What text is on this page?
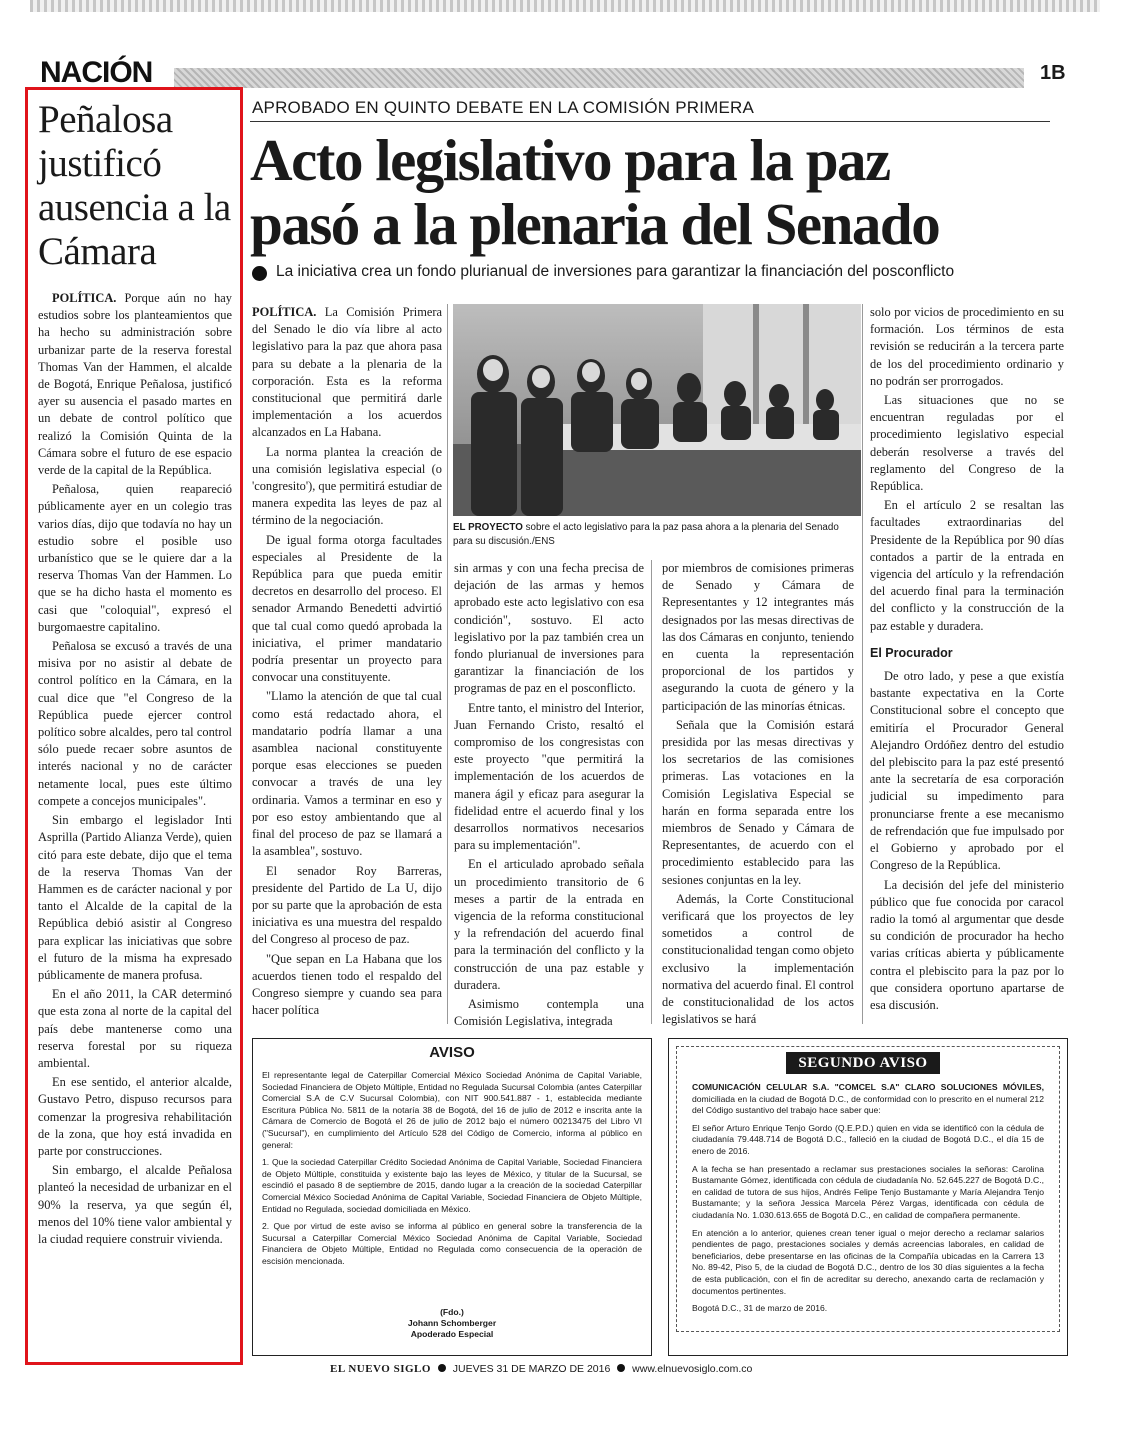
NACIÓN	1B
Peñalosa justificó ausencia a la Cámara

POLÍTICA. Porque aún no hay estudios sobre los planteamientos que ha hecho su administración sobre urbanizar parte de la reserva forestal Thomas Van der Hammen, el alcalde de Bogotá, Enrique Peñalosa, justificó ayer su ausencia el pasado martes en un debate de control político que realizó la Comisión Quinta de la Cámara sobre el futuro de ese espacio verde de la capital de la República.

Peñalosa, quien reapareció públicamente ayer en un colegio tras varios días, dijo que todavía no hay un estudio sobre el posible uso urbanístico que se le quiere dar a la reserva Thomas Van der Hammen. Lo que se ha dicho hasta el momento es casi que "coloquial", expresó el burgomaestre capitalino.

Peñalosa se excusó a través de una misiva por no asistir al debate de control político en la Cámara, en la cual dice que "el Congreso de la República puede ejercer control político sobre alcaldes, pero tal control sólo puede recaer sobre asuntos de interés nacional y no de carácter netamente local, pues este último compete a concejos municipales".

Sin embargo el legislador Inti Asprilla (Partido Alianza Verde), quien citó para este debate, dijo que el tema de la reserva Thomas Van der Hammen es de carácter nacional y por tanto el Alcalde de la capital de la República debió asistir al Congreso para explicar las iniciativas que sobre el futuro de la misma ha expresado públicamente de manera profusa.

En el año 2011, la CAR determinó que esta zona al norte de la capital del país debe mantenerse como una reserva forestal por su riqueza ambiental.

En ese sentido, el anterior alcalde, Gustavo Petro, dispuso recursos para comenzar la progresiva rehabilitación de la zona, que hoy está invadida en parte por construcciones.

Sin embargo, el alcalde Peñalosa planteó la necesidad de urbanizar en el 90% la reserva, ya que según él, menos del 10% tiene valor ambiental y la ciudad requiere construir vivienda.

APROBADO EN QUINTO DEBATE EN LA COMISIÓN PRIMERA
Acto legislativo para la paz
pasó a la plenaria del Senado
La iniciativa crea un fondo plurianual de inversiones para garantizar la financiación del posconflicto
EL PROYECTO sobre el acto legislativo para la paz pasa ahora a la plenaria del Senado para su discusión./ENS

POLÍTICA. La Comisión Primera del Senado le dio vía libre al acto legislativo para la paz que ahora pasa para su debate a la plenaria de la corporación. Esta es la reforma constitucional que permitirá darle implementación a los acuerdos alcanzados en La Habana.

La norma plantea la creación de una comisión legislativa especial (o 'congresito'), que permitirá estudiar de manera expedita las leyes de paz al término de la negociación.

De igual forma otorga facultades especiales al Presidente de la República para que pueda emitir decretos en desarrollo del proceso. El senador Armando Benedetti advirtió que tal cual como quedó aprobada la iniciativa, el primer mandatario podría presentar un proyecto para convocar una constituyente.

"Llamo la atención de que tal cual como está redactado ahora, el mandatario podría llamar a una asamblea nacional constituyente porque esas elecciones se pueden convocar a través de una ley ordinaria. Vamos a terminar en eso y por eso estoy ambientando que al final del proceso de paz se llamará a la asamblea", sostuvo.

El senador Roy Barreras, presidente del Partido de La U, dijo por su parte que la aprobación de esta iniciativa es una muestra del respaldo del Congreso al proceso de paz.

"Que sepan en La Habana que los acuerdos tienen todo el respaldo del Congreso siempre y cuando sea para hacer política

sin armas y con una fecha precisa de dejación de las armas y hemos aprobado este acto legislativo con esa condición", sostuvo. El acto legislativo por la paz también crea un fondo plurianual de inversiones para garantizar la financiación de los programas de paz en el posconflicto.

Entre tanto, el ministro del Interior, Juan Fernando Cristo, resaltó el compromiso de los congresistas con este proyecto "que permitirá la implementación de los acuerdos de manera ágil y eficaz para asegurar la fidelidad entre el acuerdo final y los desarrollos normativos necesarios para su implementación".

En el articulado aprobado señala un procedimiento transitorio de 6 meses a partir de la entrada en vigencia de la reforma constitucional y la refrendación del acuerdo final para la terminación del conflicto y la construcción de una paz estable y duradera.

Asimismo contempla una Comisión Legislativa, integrada

por miembros de comisiones primeras de Senado y Cámara de Representantes y 12 integrantes más designados por las mesas directivas de las dos Cámaras en conjunto, teniendo en cuenta la representación proporcional de los partidos y asegurando la cuota de género y la participación de las minorías étnicas.

Señala que la Comisión estará presidida por las mesas directivas y los secretarios de las comisiones primeras. Las votaciones en la Comisión Legislativa Especial se harán en forma separada entre los miembros de Senado y Cámara de Representantes, de acuerdo con el procedimiento establecido para las sesiones conjuntas en la ley.

Además, la Corte Constitucional verificará que los proyectos de ley sometidos a control de constitucionalidad tengan como objeto exclusivo la implementación normativa del acuerdo final. El control de constitucionalidad de los actos legislativos se hará

solo por vicios de procedimiento en su formación. Los términos de esta revisión se reducirán a la tercera parte de los del procedimiento ordinario y no podrán ser prorrogados.

Las situaciones que no se encuentran reguladas por el procedimiento legislativo especial deberán resolverse a través del reglamento del Congreso de la República.

En el artículo 2 se resaltan las facultades extraordinarias del Presidente de la República por 90 días contados a partir de la entrada en vigencia del artículo y la refrendación del acuerdo final para la terminación del conflicto y la construcción de la paz estable y duradera.

El Procurador

De otro lado, y pese a que existía bastante expectativa en la Corte Constitucional sobre el concepto que emitiría el Procurador General Alejandro Ordóñez dentro del estudio del plebiscito para la paz esté presentó ante la secretaría de esa corporación judicial su impedimento para pronunciarse frente a ese mecanismo de refrendación que fue impulsado por el Gobierno y aprobado por el Congreso de la República.

La decisión del jefe del ministerio público que fue conocida por caracol radio la tomó al argumentar que desde su condición de procurador ha hecho varias críticas abierta y públicamente contra el plebiscito para la paz por lo que considera oportuno apartarse de esa discusión.

AVISO

El representante legal de Caterpillar Comercial México Sociedad Anónima de Capital Variable, Sociedad Financiera de Objeto Múltiple, Entidad no Regulada Sucursal Colombia (antes Caterpillar Comercial S.A de C.V Sucursal Colombia), con NIT 900.541.887 - 1, establecida mediante Escritura Pública No. 5811 de la notaría 38 de Bogotá, del 16 de julio de 2012 e inscrita ante la Cámara de Comercio de Bogotá el 26 de julio de 2012 bajo el número 00213475 del Libro VI ("Sucursal"), en cumplimiento del Artículo 528 del Código de Comercio, informa al público en general:

1. Que la sociedad Caterpillar Crédito Sociedad Anónima de Capital Variable, Sociedad Financiera de Objeto Múltiple, constituida y existente bajo las leyes de México, y titular de la Sucursal, se escindió el pasado 8 de septiembre de 2015, dando lugar a la creación de la sociedad Caterpillar Comercial México Sociedad Anónima de Capital Variable, Sociedad Financiera de Objeto Múltiple, Entidad no Regulada, sociedad domiciliada en México.

2. Que por virtud de este aviso se informa al público en general sobre la transferencia de la Sucursal a Caterpillar Comercial México Sociedad Anónima de Capital Variable, Sociedad Financiera de Objeto Múltiple, Entidad no Regulada como consecuencia de la operación de escisión mencionada.

(Fdo.)
Johann Schomberger
Apoderado Especial
SEGUNDO AVISO

COMUNICACIÓN CELULAR S.A. "COMCEL S.A" CLARO SOLUCIONES MÓVILES, domiciliada en la ciudad de Bogotá D.C., de conformidad con lo prescrito en el numeral 212 del Código sustantivo del trabajo hace saber que:

El señor Arturo Enrique Tenjo Gordo (Q.E.P.D.) quien en vida se identificó con la cédula de ciudadanía 79.448.714 de Bogotá D.C., falleció en la ciudad de Bogotá D.C., el día 15 de enero de 2016.

A la fecha se han presentado a reclamar sus prestaciones sociales la señoras: Carolina Bustamante Gómez, identificada con cédula de ciudadanía No. 52.645.227 de Bogotá D.C., en calidad de tutora de sus hijos, Andrés Felipe Tenjo Bustamante y María Alejandra Tenjo Bustamante; y la señora Jessica Marcela Pérez Vargas, identificada con cédula de ciudadanía No. 1.030.613.655 de Bogotá D.C., en calidad de compañera permanente.

En atención a lo anterior, quienes crean tener igual o mejor derecho a reclamar salarios pendientes de pago, prestaciones sociales y demás acreencias laborales, en calidad de beneficiarios, debe presentarse en las oficinas de la Compañía ubicadas en la Carrera 13 No. 89-42, Piso 5, de la ciudad de Bogotá D.C., dentro de los 30 días siguientes a la fecha de esta publicación, con el fin de acreditar su derecho, anexando carta de reclamación y documentos pertinentes.

Bogotá D.C., 31 de marzo de 2016.

EL NUEVO SIGLO JUEVES 31 DE MARZO DE 2016 www.elnuevosiglo.com.co
